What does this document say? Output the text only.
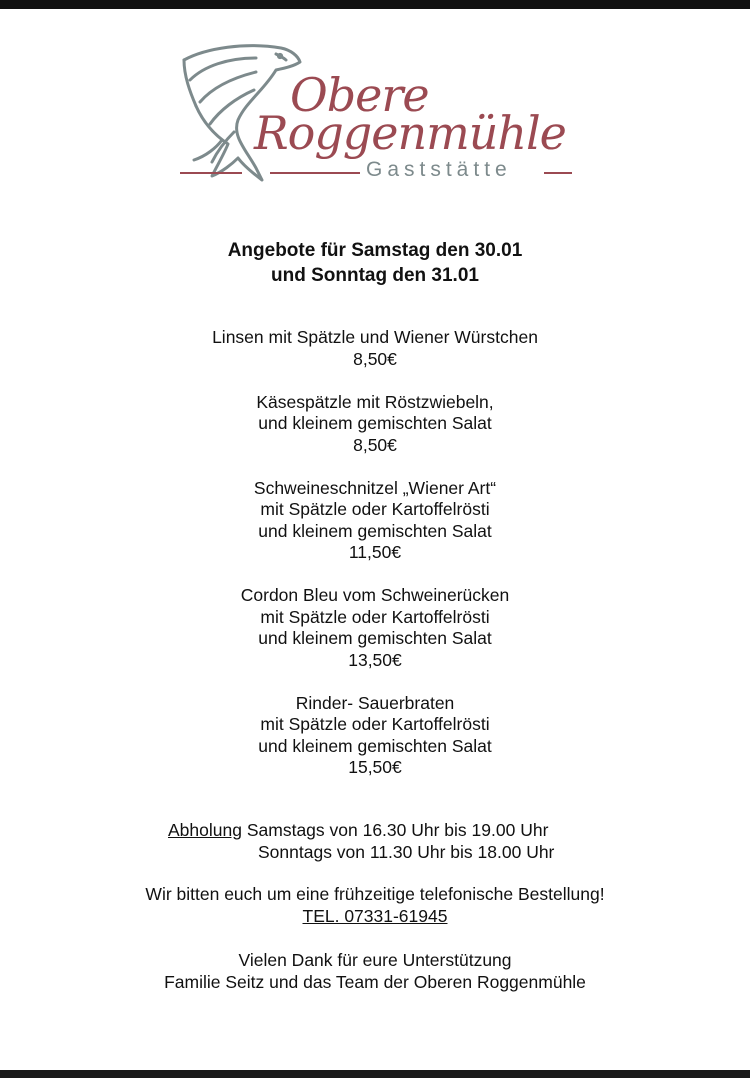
Obere
Roggenmühle
Gaststätte
Angebote für Samstag den 30.01
und Sonntag den 31.01
Linsen mit Spätzle und Wiener Würstchen
8,50€
Käsespätzle mit Röstzwiebeln,
und kleinem gemischten Salat
8,50€
Schweineschnitzel „Wiener Art“
mit Spätzle oder Kartoffelrösti
und kleinem gemischten Salat
11,50€
Cordon Bleu vom Schweinerücken
mit Spätzle oder Kartoffelrösti
und kleinem gemischten Salat
13,50€
Rinder- Sauerbraten
mit Spätzle oder Kartoffelrösti
und kleinem gemischten Salat
15,50€
Abholung Samstags von 16.30 Uhr bis 19.00 Uhr
Sonntags von 11.30 Uhr bis 18.00 Uhr
Wir bitten euch um eine frühzeitige telefonische Bestellung!
TEL. 07331-61945
Vielen Dank für eure Unterstützung
Familie Seitz und das Team der Oberen Roggenmühle
